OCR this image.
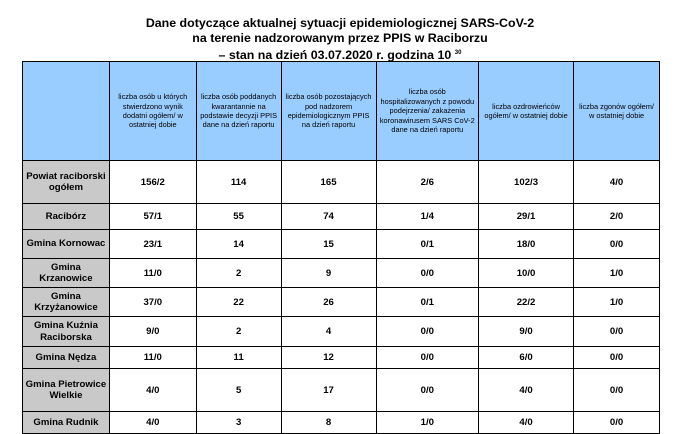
Dane dotyczące aktualnej sytuacji epidemiologicznej SARS-CoV-2
na terenie nadzorowanym przez PPIS w Raciborzu
– stan na dzień 03.07.2020 r. godzina 10 $^{30}$
	liczba osób u których stwierdzono wynik dodatni ogółem/ w ostatniej dobie	liczba osób poddanych kwarantannie na podstawie decyzji PPIS dane na dzień raportu	liczba osób pozostających pod nadzorem epidemiologicznym PPIS na dzień raportu	liczba osób hospitalizowanych z powodu podejrzenia/ zakażenia koronawirusem SARS CoV-2 dane na dzień raportu	liczba ozdrowieńców ogółem/ w ostatniej dobie	liczba zgonów ogółem/ w ostatniej dobie
Powiat raciborski ogółem	156/2	114	165	2/6	102/3	4/0
Racibórz	57/1	55	74	1/4	29/1	2/0
Gmina Kornowac	23/1	14	15	0/1	18/0	0/0
Gmina Krzanowice	11/0	2	9	0/0	10/0	1/0
Gmina Krzyżanowice	37/0	22	26	0/1	22/2	1/0
Gmina Kuźnia Raciborska	9/0	2	4	0/0	9/0	0/0
Gmina Nędza	11/0	11	12	0/0	6/0	0/0
Gmina Pietrowice Wielkie	4/0	5	17	0/0	4/0	0/0
Gmina Rudnik	4/0	3	8	1/0	4/0	0/0
